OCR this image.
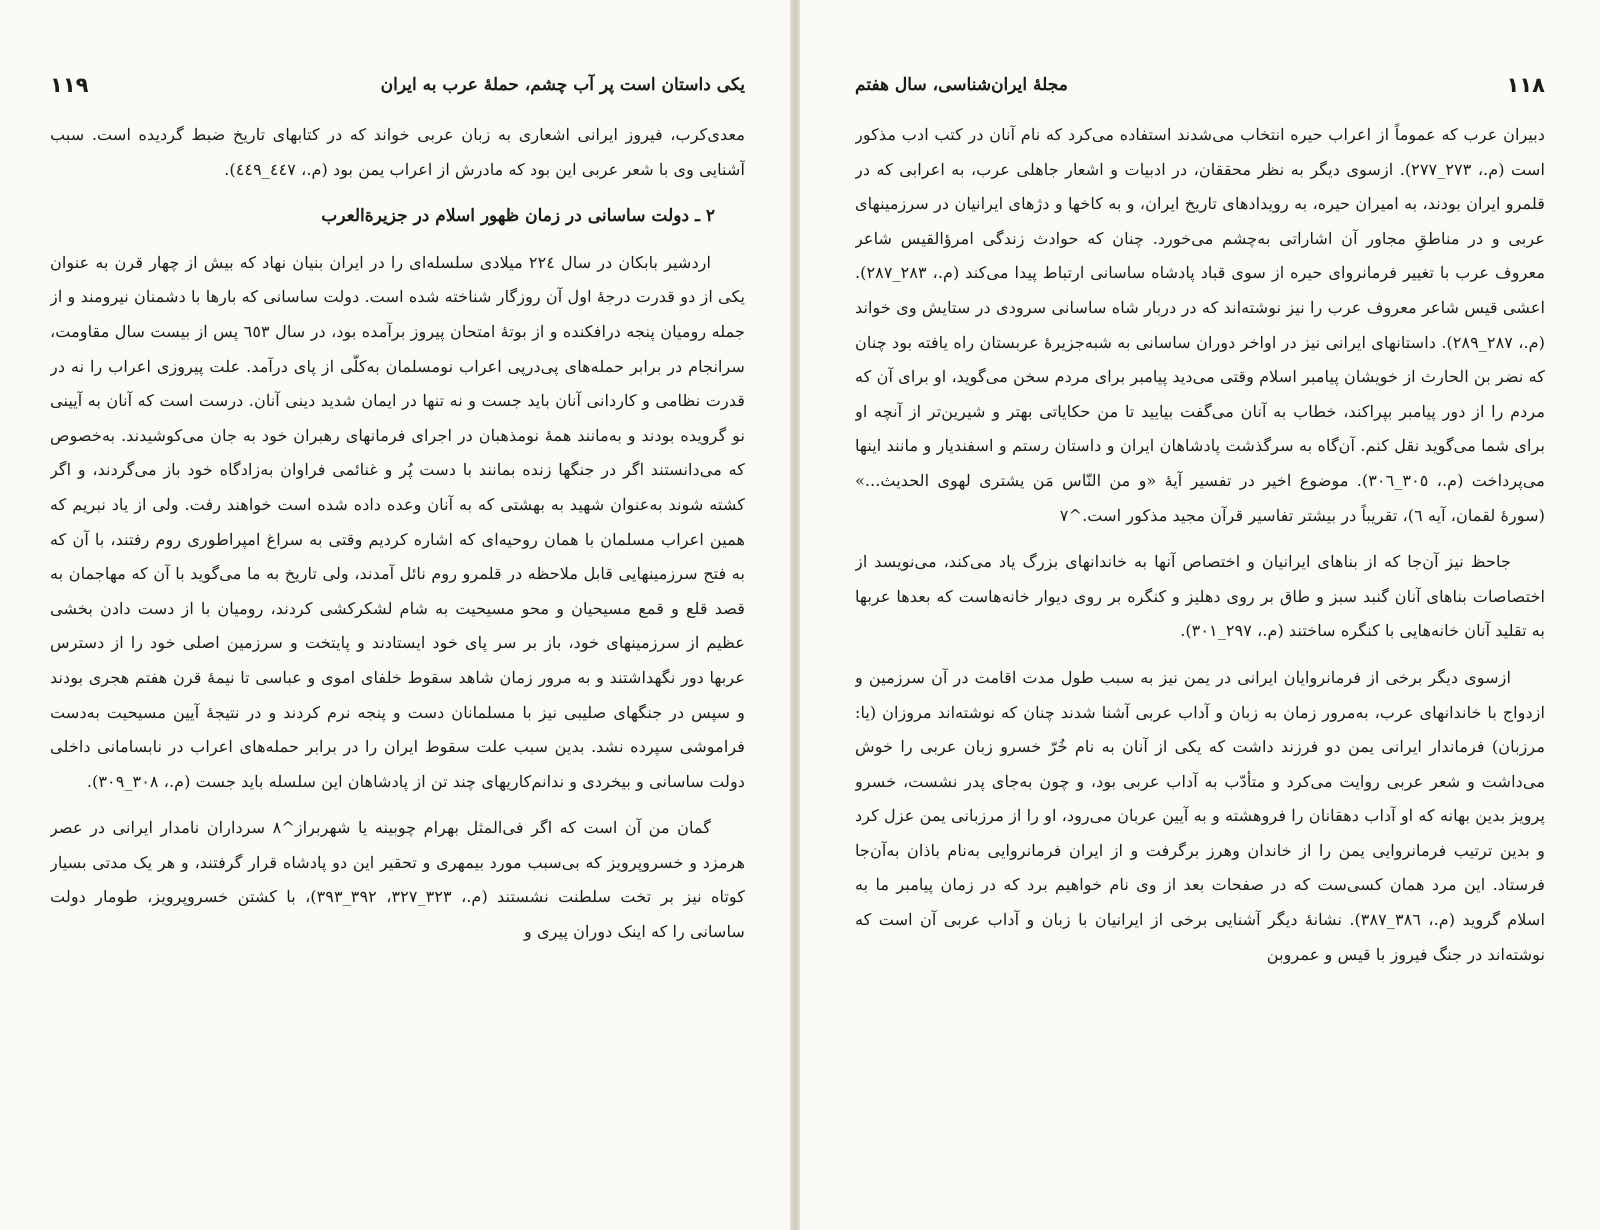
یکی داستان است پر آب چشم، حملهٔ عرب به ایران
۱۱۹

معدی‌کرب، فیروز ایرانی اشعاری به زبان عربی خواند که در کتابهای تاریخ ضبط گردیده است. سبب آشنایی وی با شعر عربی این بود که مادرش از اعراب یمن بود (م.، ٤٤٧_٤٤٩).

٢ ـ دولت ساسانی در زمان ظهور اسلام در جزیرة‌العرب

اردشیر بابکان در سال ٢٢٤ میلادی سلسله‌ای را در ایران بنیان نهاد که بیش از چهار قرن به عنوان یکی از دو قدرت درجهٔ اول آن روزگار شناخته شده است. دولت ساسانی که بارها با دشمنان نیرومند و از جمله رومیان پنجه درافکنده و از بوتهٔ امتحان پیروز برآمده بود، در سال ٦٥٣ پس از بیست سال مقاومت، سرانجام در برابر حمله‌های پی‌درپی اعراب نومسلمان به‌کلّی از پای درآمد. علت پیروزی اعراب را نه در قدرت نظامی و کاردانی آنان باید جست و نه تنها در ایمان شدید دینی آنان. درست است که آنان به آیینی نو گرویده بودند و به‌مانند همهٔ نومذهبان در اجرای فرمانهای رهبران خود به جان می‌کوشیدند. به‌خصوص که می‌دانستند اگر در جنگها زنده بمانند با دست پُر و غنائمی فراوان به‌زادگاه خود باز می‌گردند، و اگر کشته شوند به‌عنوان شهید به بهشتی که به آنان وعده داده شده است خواهند رفت. ولی از یاد نبریم که همین اعراب مسلمان با همان روحیه‌ای که اشاره کردیم وقتی به سراغ امپراطوری روم رفتند، با آن که به فتح سرزمینهایی قابل ملاحظه در قلمرو روم نائل آمدند، ولی تاریخ به ما می‌گوید با آن که مهاجمان به قصد قلع و قمع مسیحیان و محو مسیحیت به شام لشکرکشی کردند، رومیان با از دست دادن بخشی عظیم از سرزمینهای خود، باز بر سر پای خود ایستادند و پایتخت و سرزمین اصلی خود را از دسترس عربها دور نگهداشتند و به مرور زمان شاهد سقوط خلفای اموی و عباسی تا نیمهٔ قرن هفتم هجری بودند و سپس در جنگهای صلیبی نیز با مسلمانان دست و پنجه نرم کردند و در نتیجهٔ آیین مسیحیت به‌دست فراموشی سپرده نشد. بدین سبب علت سقوط ایران را در برابر حمله‌های اعراب در نابسامانی داخلی دولت ساسانی و بیخردی و ندانم‌کاریهای چند تن از پادشاهان این سلسله باید جست (م.، ٣٠٨_٣٠٩).

گمان من آن است که اگر فی‌المثل بهرام چوبینه یا شهربراز^٨ سرداران نامدار ایرانی در عصر هرمزد و خسروپرویز که بی‌سبب مورد بیمهری و تحقیر این دو پادشاه قرار گرفتند، و هر یک مدتی بسیار کوتاه نیز بر تخت سلطنت نشستند (م.، ٣٢٣_٣٢٧، ٣٩٢_٣٩٣)، با کشتن خسروپرویز، طومار دولت ساسانی را که اینک دوران پیری و

۱۱۸
مجلهٔ ایران‌شناسی، سال هفتم

دبیران عرب که عموماً از اعراب حیره انتخاب می‌شدند استفاده می‌کرد که نام آنان در کتب ادب مذکور است (م.، ٢٧٣_٢٧٧). ازسوی دیگر به نظر محققان، در ادبیات و اشعار جاهلی عرب، به اعرابی که در قلمرو ایران بودند، به امیران حیره، به رویدادهای تاریخ ایران، و به کاخها و دژهای ایرانیان در سرزمینهای عربی و در مناطقِ مجاور آن اشاراتی به‌چشم می‌خورد. چنان که حوادث زندگی امرؤالقیس شاعر معروف عرب با تغییر فرمانروای حیره از سوی قباد پادشاه ساسانی ارتباط پیدا می‌کند (م.، ٢٨٣_٢٨٧). اعشی قیس شاعر معروف عرب را نیز نوشته‌اند که در دربار شاه ساسانی سرودی در ستایش وی خواند (م.، ٢٨٧_٢٨٩). داستانهای ایرانی نیز در اواخر دوران ساسانی به شبه‌جزیرهٔ عربستان راه یافته بود چنان که نضر بن الحارث از خویشان پیامبر اسلام وقتی می‌دید پیامبر برای مردم سخن می‌گوید، او برای آن که مردم را از دور پیامبر بپراکند، خطاب به آنان می‌گفت بیایید تا من حکایاتی بهتر و شیرین‌تر از آنچه او برای شما می‌گوید نقل کنم. آن‌گاه به سرگذشت پادشاهان ایران و داستان رستم و اسفندیار و مانند اینها می‌پرداخت (م.، ٣٠٥_٣٠٦). موضوع اخیر در تفسیر آیهٔ «و من النّاس مَن یشتری لهوی الحدیث...» (سورهٔ لقمان، آیه ٦)، تقریباً در بیشتر تفاسیر قرآن مجید مذکور است.^٧

جاحظ نیز آن‌جا که از بناهای ایرانیان و اختصاص آنها به خاندانهای بزرگ یاد می‌کند، می‌نویسد از اختصاصات بناهای آنان گنبد سبز و طاق بر روی دهلیز و کنگره بر روی دیوار خانه‌هاست که بعدها عربها به تقلید آنان خانه‌هایی با کنگره ساختند (م.، ٢٩٧_٣٠١).

ازسوی دیگر برخی از فرمانروایان ایرانی در یمن نیز به سبب طول مدت اقامت در آن سرزمین و ازدواج با خاندانهای عرب، به‌مرور زمان به زبان و آداب عربی آشنا شدند چنان که نوشته‌اند مروزان (یا: مرزبان) فرماندار ایرانی یمن دو فرزند داشت که یکی از آنان به نام خُرّ خسرو زبان عربی را خوش می‌داشت و شعر عربی روایت می‌کرد و متأدّب به آداب عربی بود، و چون به‌جای پدر نشست، خسرو پرویز بدین بهانه که او آداب دهقانان را فروهشته و به آیین عربان می‌رود، او را از مرزبانی یمن عزل کرد و بدین ترتیب فرمانروایی یمن را از خاندان وهرز برگرفت و از ایران فرمانروایی به‌نام باذان به‌آن‌جا فرستاد. این مرد همان کسی‌ست که در صفحات بعد از وی نام خواهیم برد که در زمان پیامبر ما به اسلام گروید (م.، ٣٨٦_٣٨٧). نشانهٔ دیگر آشنایی برخی از ایرانیان با زبان و آداب عربی آن است که نوشته‌اند در جنگ فیروز با قیس و عمروبن
